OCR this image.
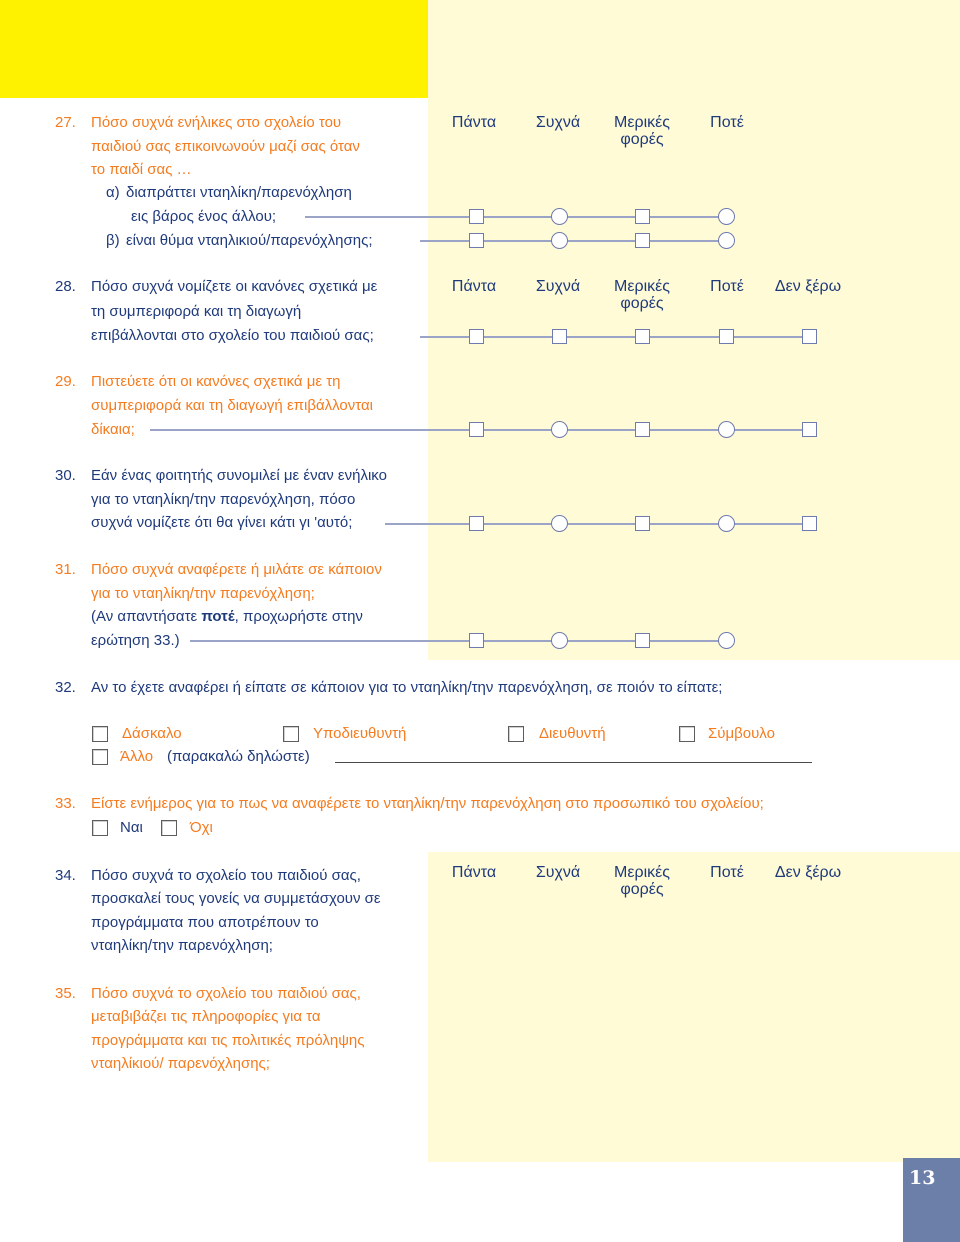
27. Πόσο συχνά ενήλικες στο σχολείο του
παιδιού σας επικοινωνούν μαζί σας όταν
το παιδί σας …
α) διαπράττει νταηλίκη/παρενόχληση
εις βάρος ένος άλλου;
β) είναι θύμα νταηλικιού/παρενόχλησης;
Πάντα	Συχνά	Μερικές
φορές
Ποτέ
28. Πόσο συχνά νομίζετε οι κανόνες σχετικά με
τη συμπεριφορά και τη διαγωγή
επιβάλλονται στο σχολείο του παιδιού σας;
Πάντα	Συχνά	Μερικές
φορές
Ποτέ	Δεν ξέρω
29. Πιστεύετε ότι οι κανόνες σχετικά με τη
συμπεριφορά και τη διαγωγή επιβάλλονται
δίκαια;
30. Εάν ένας φοιτητής συνομιλεί με έναν ενήλικο
για το νταηλίκη/την παρενόχληση, πόσο
συχνά νομίζετε ότι θα γίνει κάτι γι 'αυτό;
31. Πόσο συχνά αναφέρετε ή μιλάτε σε κάποιον
για το νταηλίκη/την παρενόχληση;
(Αν απαντήσατε ποτέ, προχωρήστε στην
ερώτηση 33.)
32. Αν το έχετε αναφέρει ή είπατε σε κάποιον για το νταηλίκη/την παρενόχληση, σε ποιόν το είπατε;
Δάσκαλο	Υποδιευθυντή	Διευθυντή	Σύμβουλο
Άλλο (παρακαλώ δηλώστε)
33. Είστε ενήμερος για το πως να αναφέρετε το νταηλίκη/την παρενόχληση στο προσωπικό του σχολείου;
Ναι	Όχι
34. Πόσο συχνά το σχολείο του παιδιού σας,
προσκαλεί τους γονείς να συμμετάσχουν σε
προγράμματα που αποτρέπουν το
νταηλίκη/την παρενόχληση;
Πάντα	Συχνά	Μερικές
φορές
Ποτέ	Δεν ξέρω
35. Πόσο συχνά το σχολείο του παιδιού σας,
μεταβιβάζει τις πληροφορίες για τα
προγράμματα και τις πολιτικές πρόληψης
νταηλίκιού/ παρενόχλησης;
13
